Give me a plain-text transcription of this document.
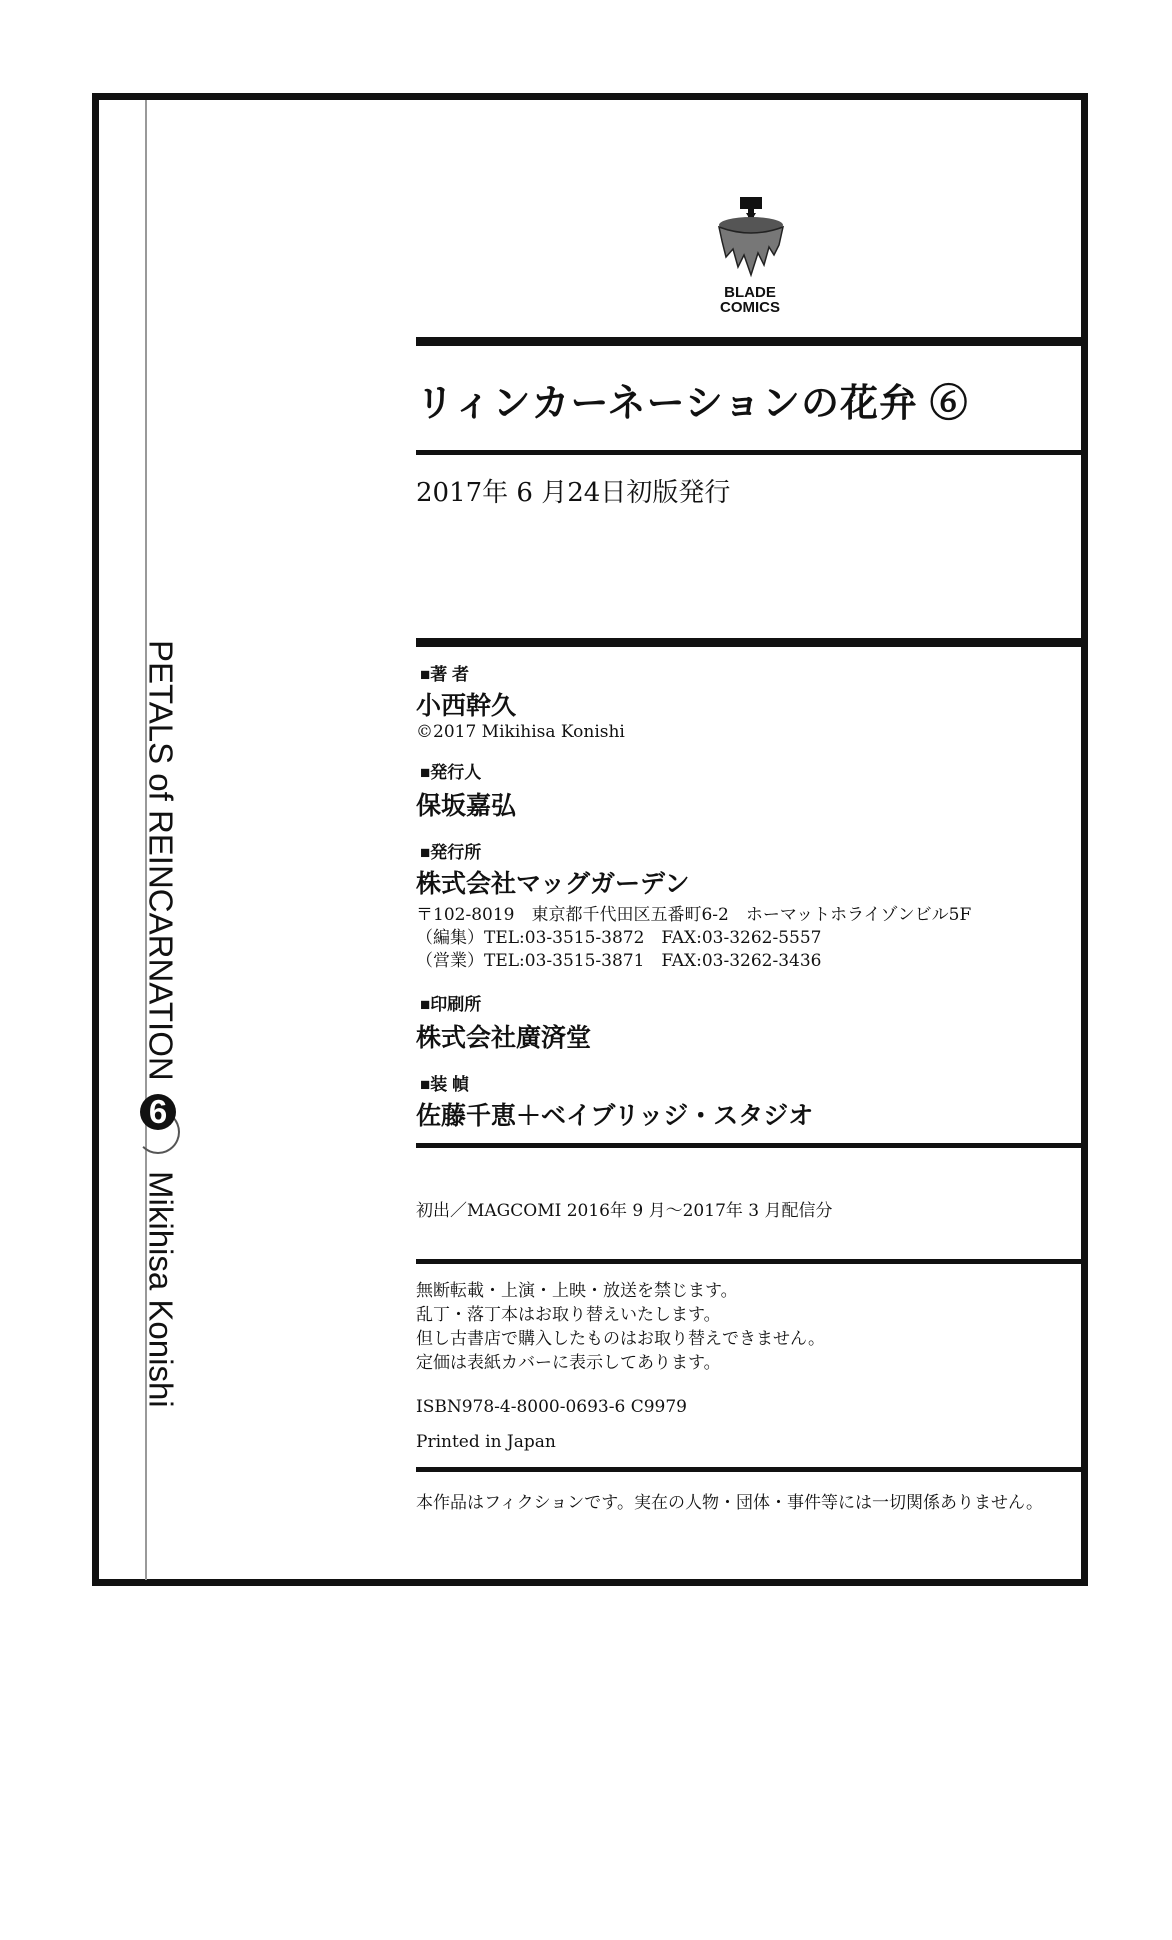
PETALS of REINCARNATION 6 Mikihisa Konishi
BLADE
COMICS
リィンカーネーションの花弁 ⑥
2017年 6 月24日初版発行
■著 者
小西幹久
©2017 Mikihisa Konishi
■発行人
保坂嘉弘
■発行所
株式会社マッグガーデン
〒102-8019　東京都千代田区五番町6-2　ホーマットホライゾンビル5F
（編集）TEL:03-3515-3872　FAX:03-3262-5557
（営業）TEL:03-3515-3871　FAX:03-3262-3436
■印刷所
株式会社廣済堂
■装 幀
佐藤千恵＋ベイブリッジ・スタジオ
初出／MAGCOMI 2016年 9 月～2017年 3 月配信分
無断転載・上演・上映・放送を禁じます。
乱丁・落丁本はお取り替えいたします。
但し古書店で購入したものはお取り替えできません。
定価は表紙カバーに表示してあります。
ISBN978-4-8000-0693-6 C9979
Printed in Japan
本作品はフィクションです。実在の人物・団体・事件等には一切関係ありません。
